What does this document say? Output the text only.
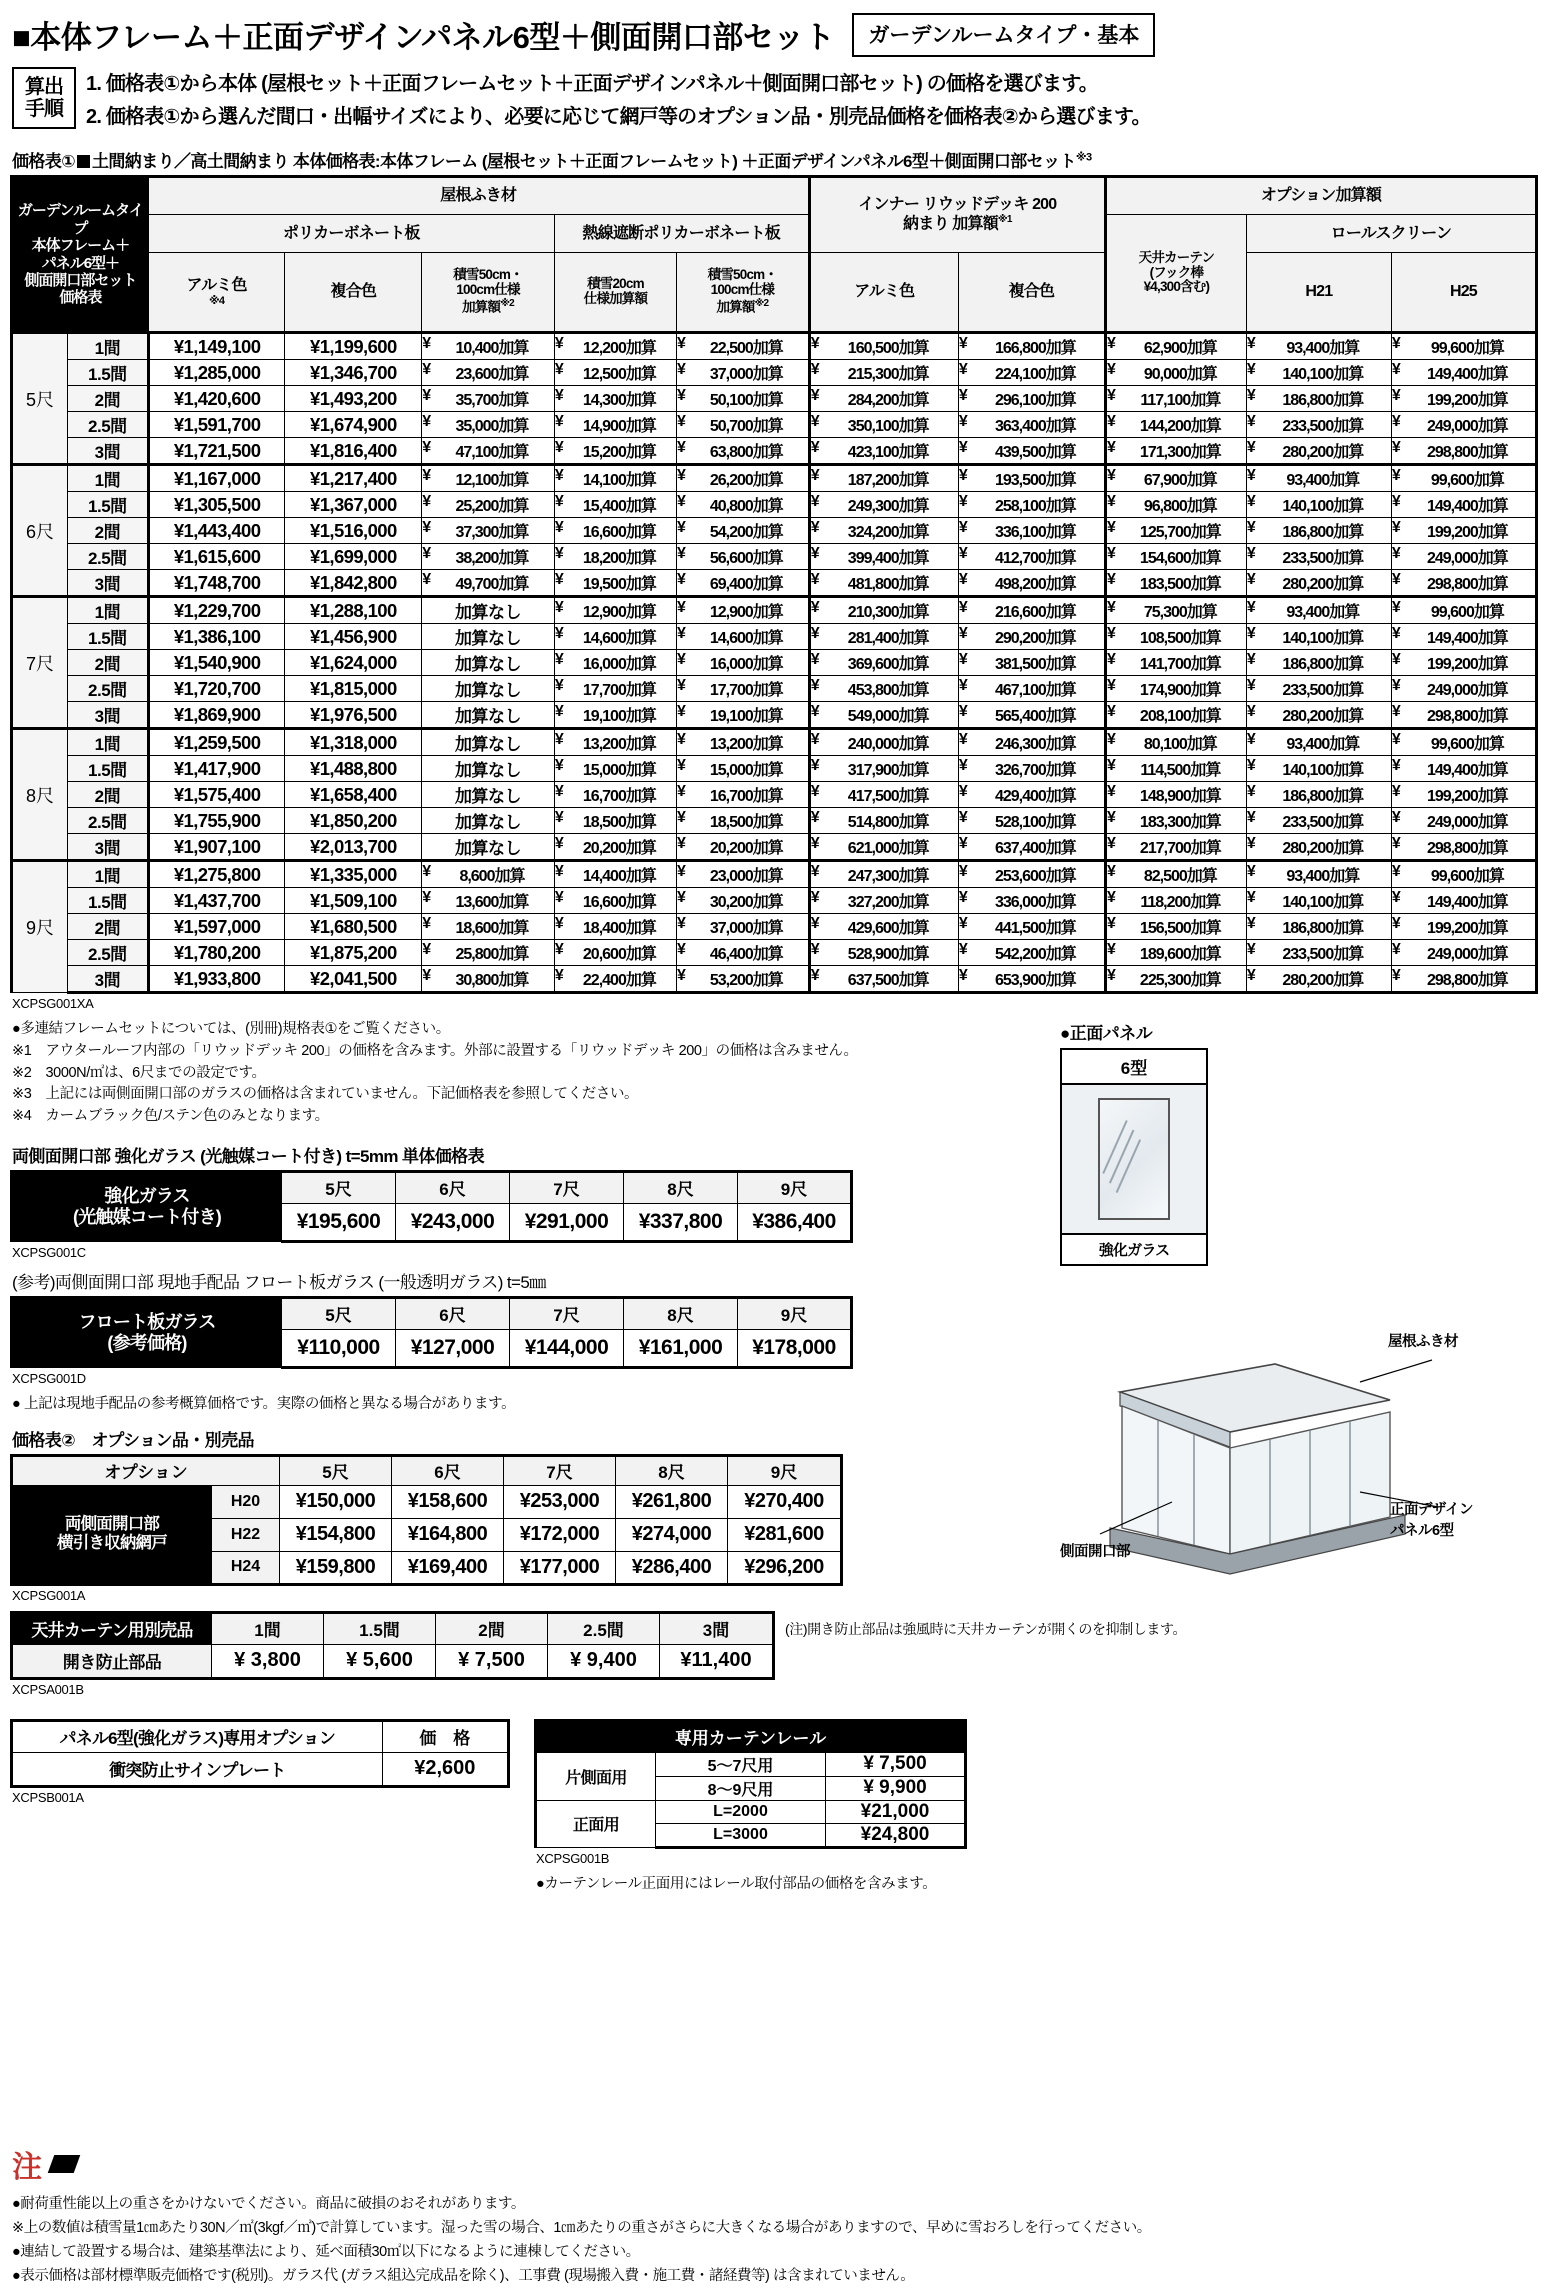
■本体フレーム＋正面デザインパネル6型＋側面開口部セット	ガーデンルームタイプ・基本
算出
手順
1. 価格表①から本体 (屋根セット＋正面フレームセット＋正面デザインパネル＋側面開口部セット) の価格を選びます。
2. 価格表①から選んだ間口・出幅サイズにより、必要に応じて網戸等のオプション品・別売品価格を価格表②から選びます。
価格表① 土間納まり／高土間納まり 本体価格表:本体フレーム (屋根セット＋正面フレームセット) ＋正面デザインパネル6型＋側面開口部セット$^{※3}$
ガーデンルームタイプ
本体フレーム＋
パネル6型＋
側面開口部セット
価格表
	屋根ふき材	
インナー リウッドデッキ 200
納まり 加算額$^{※1}$
	オプション加算額
		ポリカーボネート板			熱線遮断ポリカーボネート板				天井カーテン
(フック棒
¥4,300含む)	ロールスクリーン	

アルミ色
※4
	複合色	
積雪50cm・
100cm仕様
加算額$^{※2}$

積雪20cm
仕様加算額

積雪50cm・
100cm仕様
加算額$^{※2}$
	アルミ色	複合色	H21	H25
5尺	1間	¥1,149,100	¥1,199,600	¥ 10,400加算	¥ 12,200加算	¥ 22,500加算	¥ 160,500加算	¥ 166,800加算	¥ 62,900加算	¥ 93,400加算	¥ 99,600加算
	1.5間	¥1,285,000	¥1,346,700	¥ 23,600加算	¥ 12,500加算	¥ 37,000加算	¥ 215,300加算	¥ 224,100加算	¥ 90,000加算	¥ 140,100加算	¥ 149,400加算
	2間	¥1,420,600	¥1,493,200	¥ 35,700加算	¥ 14,300加算	¥ 50,100加算	¥ 284,200加算	¥ 296,100加算	¥ 117,100加算	¥ 186,800加算	¥ 199,200加算
	2.5間	¥1,591,700	¥1,674,900	¥ 35,000加算	¥ 14,900加算	¥ 50,700加算	¥ 350,100加算	¥ 363,400加算	¥ 144,200加算	¥ 233,500加算	¥ 249,000加算
	3間	¥1,721,500	¥1,816,400	¥ 47,100加算	¥ 15,200加算	¥ 63,800加算	¥ 423,100加算	¥ 439,500加算	¥ 171,300加算	¥ 280,200加算	¥ 298,800加算
6尺	1間	¥1,167,000	¥1,217,400	¥ 12,100加算	¥ 14,100加算	¥ 26,200加算	¥ 187,200加算	¥ 193,500加算	¥ 67,900加算	¥ 93,400加算	¥ 99,600加算
	1.5間	¥1,305,500	¥1,367,000	¥ 25,200加算	¥ 15,400加算	¥ 40,800加算	¥ 249,300加算	¥ 258,100加算	¥ 96,800加算	¥ 140,100加算	¥ 149,400加算
	2間	¥1,443,400	¥1,516,000	¥ 37,300加算	¥ 16,600加算	¥ 54,200加算	¥ 324,200加算	¥ 336,100加算	¥ 125,700加算	¥ 186,800加算	¥ 199,200加算
	2.5間	¥1,615,600	¥1,699,000	¥ 38,200加算	¥ 18,200加算	¥ 56,600加算	¥ 399,400加算	¥ 412,700加算	¥ 154,600加算	¥ 233,500加算	¥ 249,000加算
	3間	¥1,748,700	¥1,842,800	¥ 49,700加算	¥ 19,500加算	¥ 69,400加算	¥ 481,800加算	¥ 498,200加算	¥ 183,500加算	¥ 280,200加算	¥ 298,800加算
7尺	1間	¥1,229,700	¥1,288,100	加算なし	¥ 12,900加算	¥ 12,900加算	¥ 210,300加算	¥ 216,600加算	¥ 75,300加算	¥ 93,400加算	¥ 99,600加算
	1.5間	¥1,386,100	¥1,456,900	加算なし	¥ 14,600加算	¥ 14,600加算	¥ 281,400加算	¥ 290,200加算	¥ 108,500加算	¥ 140,100加算	¥ 149,400加算
	2間	¥1,540,900	¥1,624,000	加算なし	¥ 16,000加算	¥ 16,000加算	¥ 369,600加算	¥ 381,500加算	¥ 141,700加算	¥ 186,800加算	¥ 199,200加算
	2.5間	¥1,720,700	¥1,815,000	加算なし	¥ 17,700加算	¥ 17,700加算	¥ 453,800加算	¥ 467,100加算	¥ 174,900加算	¥ 233,500加算	¥ 249,000加算
	3間	¥1,869,900	¥1,976,500	加算なし	¥ 19,100加算	¥ 19,100加算	¥ 549,000加算	¥ 565,400加算	¥ 208,100加算	¥ 280,200加算	¥ 298,800加算
8尺	1間	¥1,259,500	¥1,318,000	加算なし	¥ 13,200加算	¥ 13,200加算	¥ 240,000加算	¥ 246,300加算	¥ 80,100加算	¥ 93,400加算	¥ 99,600加算
	1.5間	¥1,417,900	¥1,488,800	加算なし	¥ 15,000加算	¥ 15,000加算	¥ 317,900加算	¥ 326,700加算	¥ 114,500加算	¥ 140,100加算	¥ 149,400加算
	2間	¥1,575,400	¥1,658,400	加算なし	¥ 16,700加算	¥ 16,700加算	¥ 417,500加算	¥ 429,400加算	¥ 148,900加算	¥ 186,800加算	¥ 199,200加算
	2.5間	¥1,755,900	¥1,850,200	加算なし	¥ 18,500加算	¥ 18,500加算	¥ 514,800加算	¥ 528,100加算	¥ 183,300加算	¥ 233,500加算	¥ 249,000加算
	3間	¥1,907,100	¥2,013,700	加算なし	¥ 20,200加算	¥ 20,200加算	¥ 621,000加算	¥ 637,400加算	¥ 217,700加算	¥ 280,200加算	¥ 298,800加算
9尺	1間	¥1,275,800	¥1,335,000	¥ 8,600加算	¥ 14,400加算	¥ 23,000加算	¥ 247,300加算	¥ 253,600加算	¥ 82,500加算	¥ 93,400加算	¥ 99,600加算
	1.5間	¥1,437,700	¥1,509,100	¥ 13,600加算	¥ 16,600加算	¥ 30,200加算	¥ 327,200加算	¥ 336,000加算	¥ 118,200加算	¥ 140,100加算	¥ 149,400加算
	2間	¥1,597,000	¥1,680,500	¥ 18,600加算	¥ 18,400加算	¥ 37,000加算	¥ 429,600加算	¥ 441,500加算	¥ 156,500加算	¥ 186,800加算	¥ 199,200加算
	2.5間	¥1,780,200	¥1,875,200	¥ 25,800加算	¥ 20,600加算	¥ 46,400加算	¥ 528,900加算	¥ 542,200加算	¥ 189,600加算	¥ 233,500加算	¥ 249,000加算
	3間	¥1,933,800	¥2,041,500	¥ 30,800加算	¥ 22,400加算	¥ 53,200加算	¥ 637,500加算	¥ 653,900加算	¥ 225,300加算	¥ 280,200加算	¥ 298,800加算
XCPSG001XA
●多連結フレームセットについては、(別冊)規格表①をご覧ください。
※1　アウタールーフ内部の「リウッドデッキ 200」の価格を含みます。外部に設置する「リウッドデッキ 200」の価格は含みません。
※2　3000N/㎡は、6尺までの設定です。
※3　上記には両側面開口部のガラスの価格は含まれていません。下記価格表を参照してください。
※4　カームブラック色/ステン色のみとなります。
両側面開口部 強化ガラス (光触媒コート付き) t=5mm 単体価格表
強化ガラス
(光触媒コート付き)	5尺	6尺	7尺	8尺	9尺
	¥195,600	¥243,000	¥291,000	¥337,800	¥386,400
XCPSG001C
(参考)両側面開口部 現地手配品 フロート板ガラス (一般透明ガラス) t=5㎜
フロート板ガラス
(参考価格)	5尺	6尺	7尺	8尺	9尺
	¥110,000	¥127,000	¥144,000	¥161,000	¥178,000
XCPSG001D
● 上記は現地手配品の参考概算価格です。実際の価格と異なる場合があります。
価格表②　オプション品・別売品
オプション		5尺	6尺	7尺	8尺	9尺

両側面開口部
横引き収納網戸	H20	¥150,000	¥158,600	¥253,000	¥261,800	¥270,400
	H22	¥154,800	¥164,800	¥172,000	¥274,000	¥281,600
	H24	¥159,800	¥169,400	¥177,000	¥286,400	¥296,200
XCPSG001A
天井カーテン用別売品	1間	1.5間	2間	2.5間	3間
開き防止部品	¥ 3,800	¥ 5,600	¥ 7,500	¥ 9,400	¥11,400
(注)開き防止部品は強風時に天井カーテンが開くのを抑制します。
XCPSA001B
パネル6型(強化ガラス)専用オプション	価　格
衝突防止サインプレート	¥2,600
XCPSB001A
専用カーテンレール		
片側面用	5～7尺用	¥ 7,500
	8～9尺用	¥ 9,900
正面用	L=2000	¥21,000
	L=3000	¥24,800
XCPSG001B
●カーテンレール正面用にはレール取付部品の価格を含みます。
●正面パネル
6型
強化ガラス
屋根ふき材
側面開口部
正面デザイン
パネル6型
注

●耐荷重性能以上の重さをかけないでください。商品に破損のおそれがあります。

※上の数値は積雪量1㎝あたり30N／㎡(3kgf／㎡)で計算しています。湿った雪の場合、1㎝あたりの重さがさらに大きくなる場合がありますので、早めに雪おろしを行ってください。

●連結して設置する場合は、建築基準法により、延べ面積30㎡以下になるように連棟してください。

●表示価格は部材標準販売価格です(税別)。ガラス代 (ガラス組込完成品を除く)、工事費 (現場搬入費・施工費・諸経費等) は含まれていません。
